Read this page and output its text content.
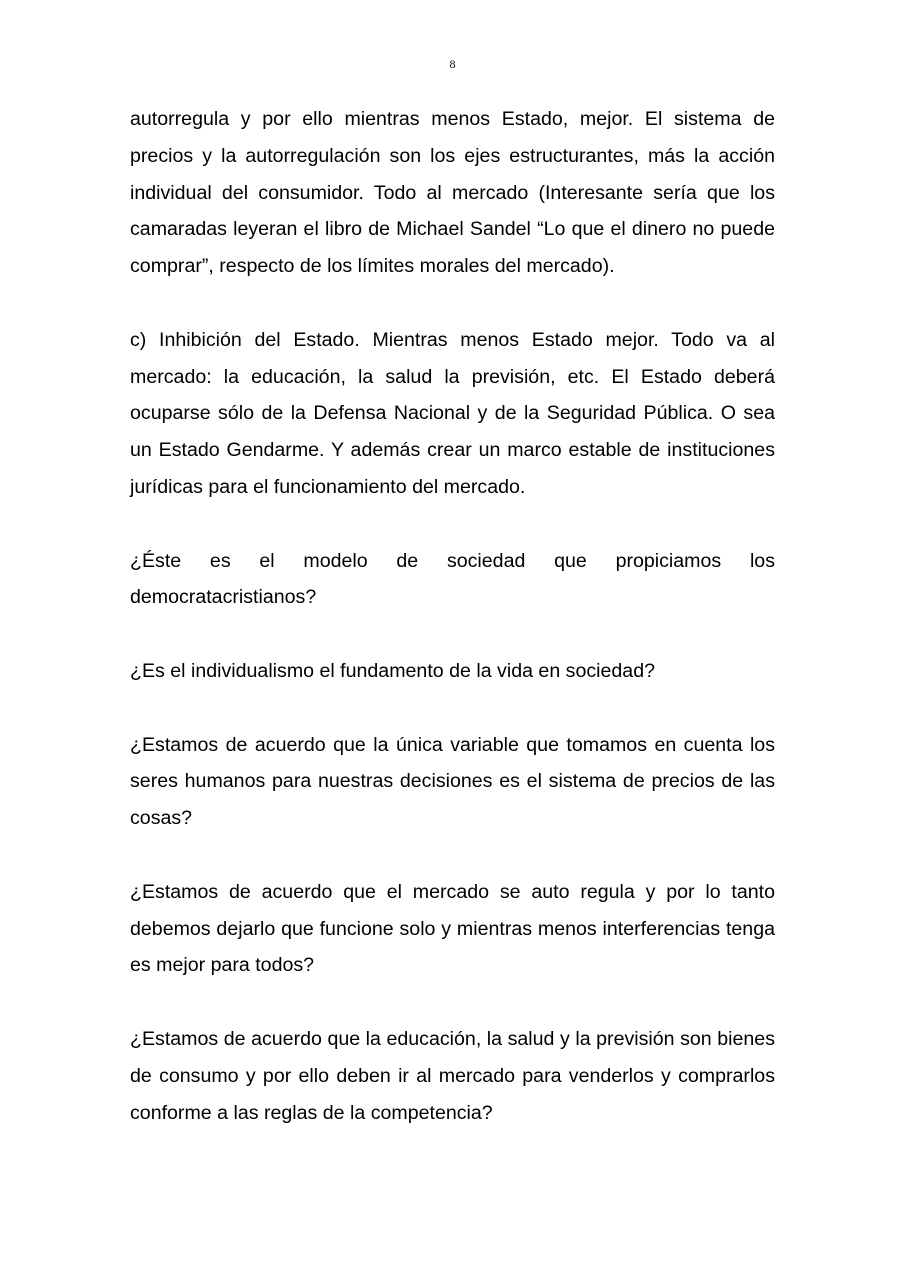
8

autorregula y por ello mientras menos Estado, mejor. El sistema de precios y la autorregulación son los ejes estructurantes, más la acción individual del consumidor. Todo al mercado (Interesante sería que los camaradas leyeran el libro de Michael Sandel “Lo que el dinero no puede comprar”, respecto de los límites morales del mercado).

c) Inhibición del Estado. Mientras menos Estado mejor. Todo va al mercado: la educación, la salud la previsión, etc. El Estado deberá ocuparse sólo de la Defensa Nacional y de la Seguridad Pública. O sea un Estado Gendarme. Y además crear un marco estable de instituciones jurídicas para el funcionamiento del mercado.

¿Éste es el modelo de sociedad que propiciamos los democratacristianos?

¿Es el individualismo el fundamento de la vida en sociedad?

¿Estamos de acuerdo que la única variable que tomamos en cuenta los seres humanos para nuestras decisiones es el sistema de precios de las cosas?

¿Estamos de acuerdo que el mercado se auto regula y por lo tanto debemos dejarlo que funcione solo y mientras menos interferencias tenga es mejor para todos?

¿Estamos de acuerdo que la educación, la salud y la previsión son bienes de consumo y por ello deben ir al mercado para venderlos y comprarlos conforme a las reglas de la competencia?
